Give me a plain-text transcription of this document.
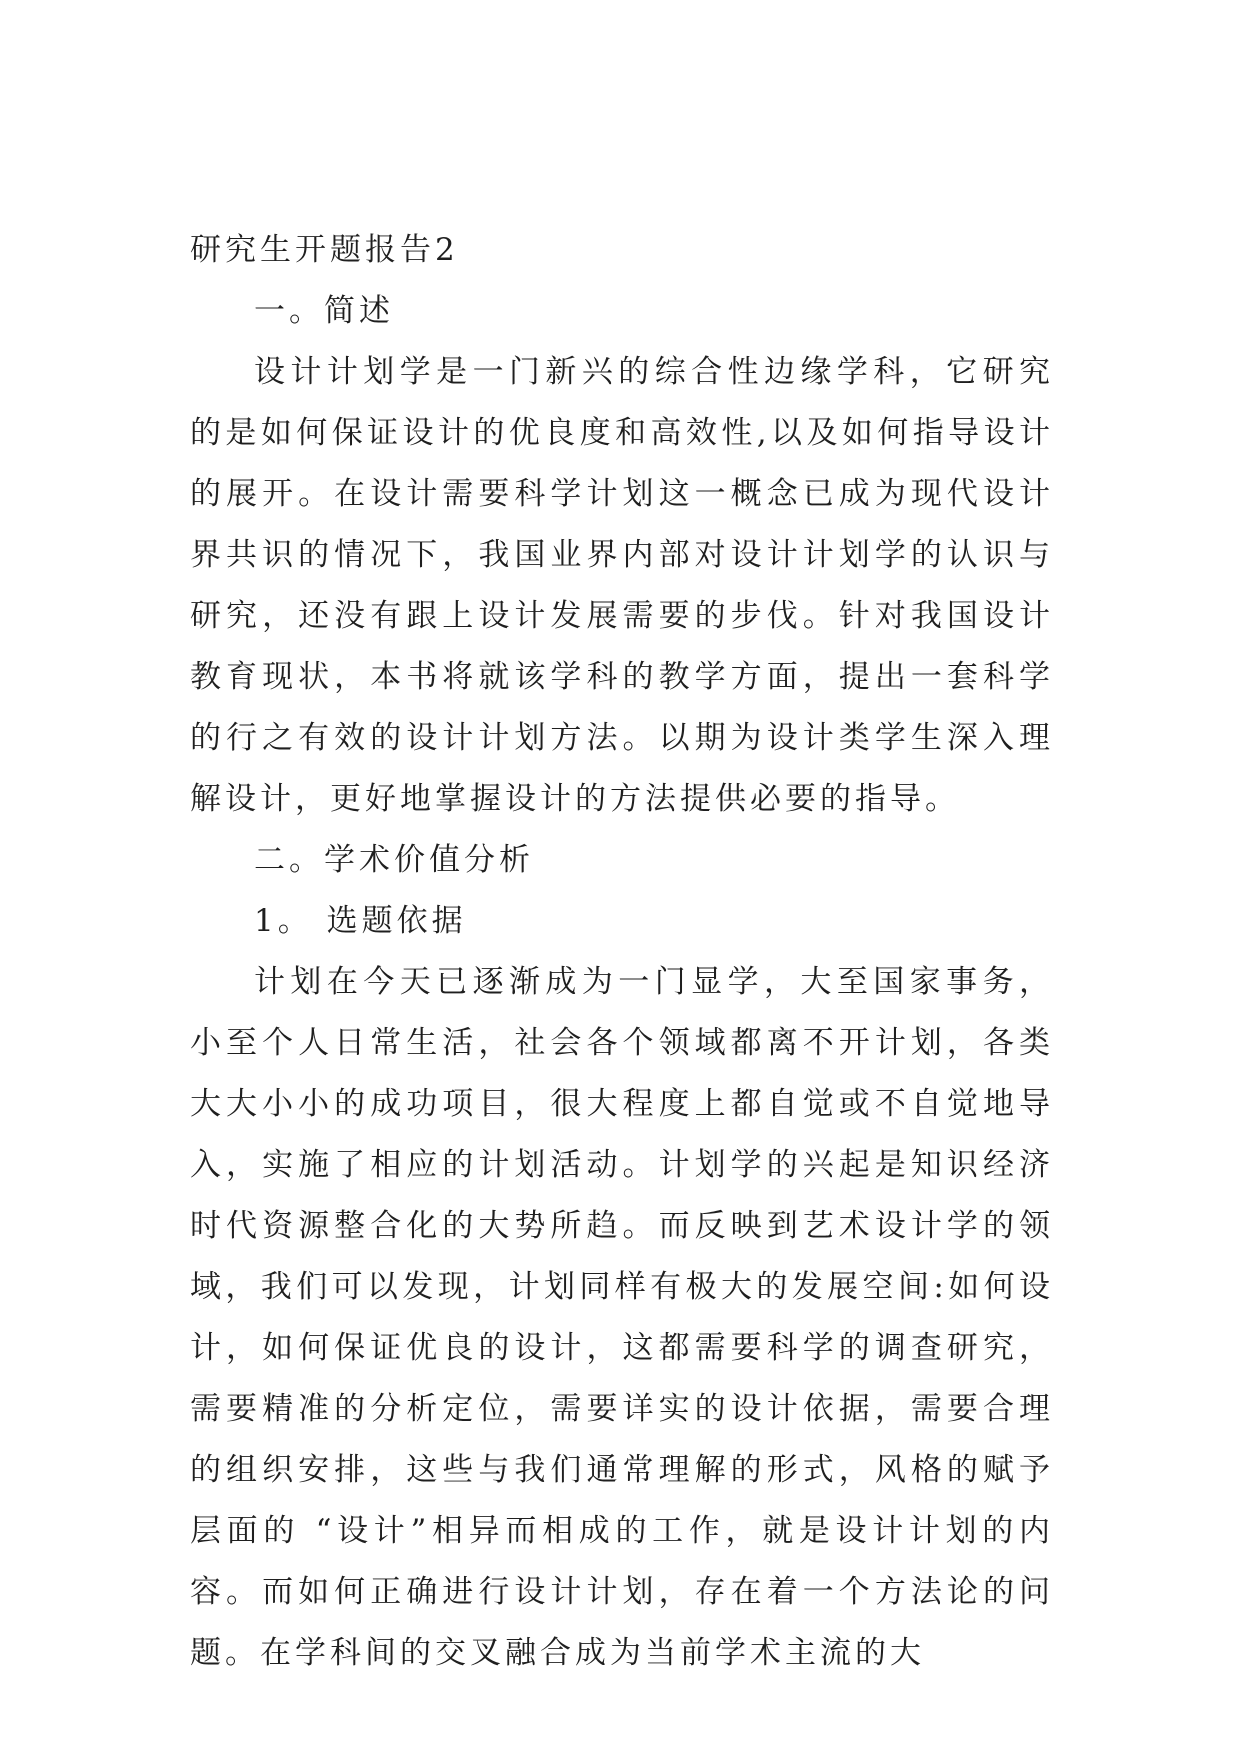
研究生开题报告2

一。简述

设计计划学是一门新兴的综合性边缘学科，它研究的是如何保证设计的优良度和高效性,以及如何指导设计的展开。在设计需要科学计划这一概念已成为现代设计界共识的情况下，我国业界内部对设计计划学的认识与研究，还没有跟上设计发展需要的步伐。针对我国设计教育现状，本书将就该学科的教学方面，提出一套科学的行之有效的设计计划方法。以期为设计类学生深入理解设计，更好地掌握设计的方法提供必要的指导。

二。学术价值分析

1。 选题依据

计划在今天已逐渐成为一门显学，大至国家事务，小至个人日常生活，社会各个领域都离不开计划，各类大大小小的成功项目，很大程度上都自觉或不自觉地导入，实施了相应的计划活动。计划学的兴起是知识经济时代资源整合化的大势所趋。而反映到艺术设计学的领域，我们可以发现，计划同样有极大的发展空间:如何设计，如何保证优良的设计，这都需要科学的调查研究，需要精准的分析定位，需要详实的设计依据，需要合理的组织安排，这些与我们通常理解的形式，风格的赋予层面的 “设计”相异而相成的工作，就是设计计划的内容。而如何正确进行设计计划，存在着一个方法论的问题。在学科间的交叉融合成为当前学术主流的大
